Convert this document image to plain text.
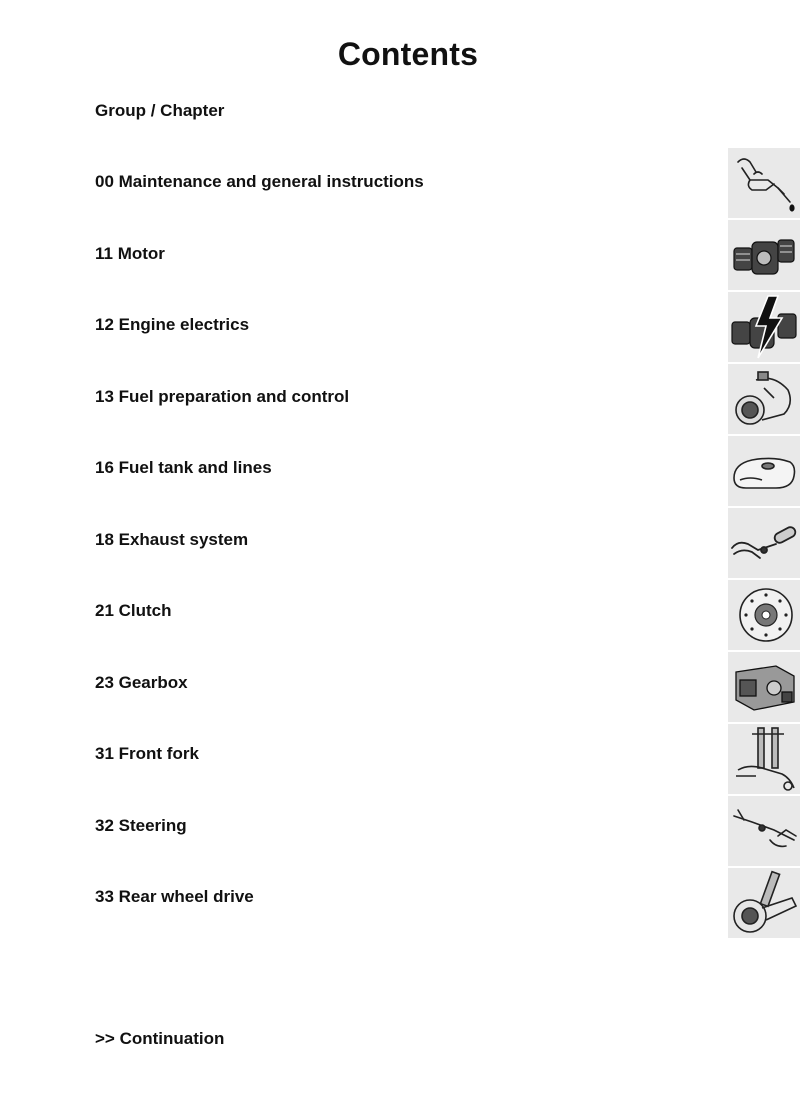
Contents
Group / Chapter
00 Maintenance and general instructions
11 Motor
12 Engine electrics
13 Fuel preparation and control
16 Fuel tank and lines
18 Exhaust system
21 Clutch
23 Gearbox
31 Front fork
32 Steering
33 Rear wheel drive
>> Continuation
